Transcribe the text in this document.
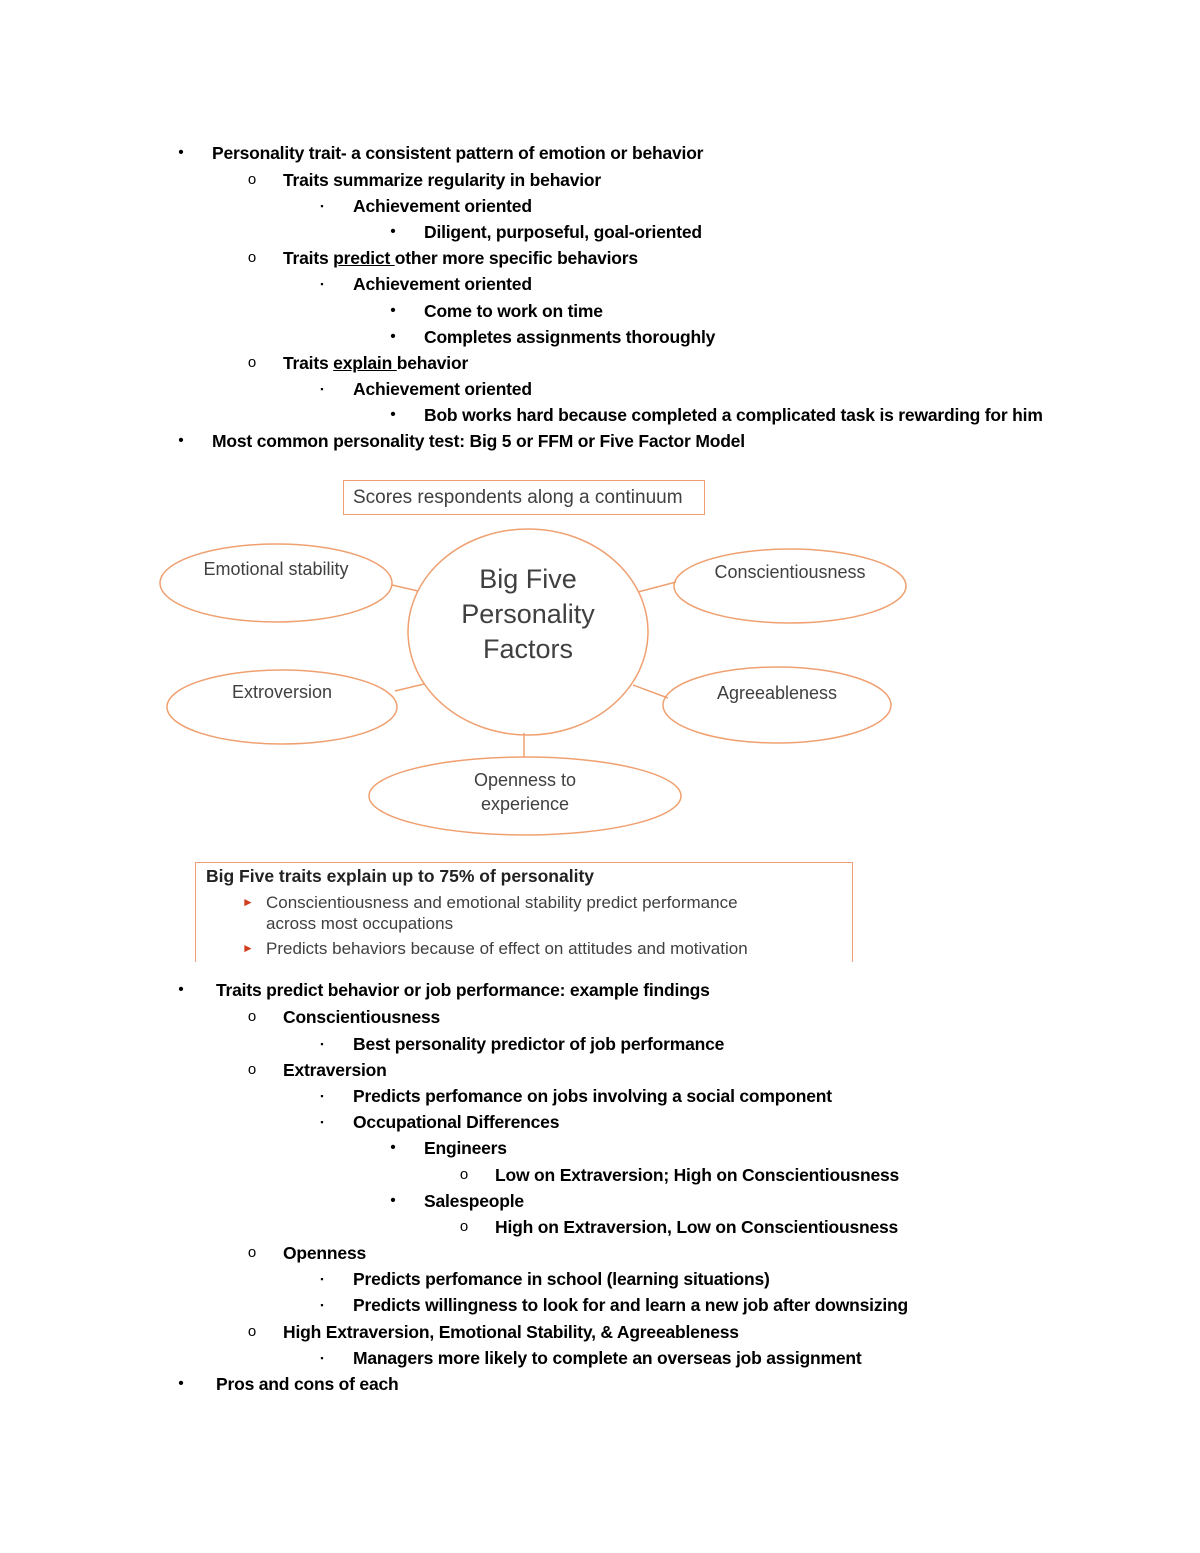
• Personality trait- a consistent pattern of emotion or behavior
o Traits summarize regularity in behavior
▪	Achievement oriented
• Diligent, purposeful, goal-oriented
o Traits predict other more specific behaviors
▪	Achievement oriented
• Come to work on time
• Completes assignments thoroughly
o Traits explain behavior
▪	Achievement oriented
• Bob works hard because completed a complicated task is rewarding for him
• Most common personality test: Big 5 or FFM or Five Factor Model
Scores respondents along a continuum
Big Five
Personality
Factors
Emotional stability	Conscientiousness
Extroversion	Agreeableness
Openness to
experience
Big Five traits explain up to 75% of personality
► Conscientiousness and emotional stability predict performance
across most occupations
► Predicts behaviors because of effect on attitudes and motivation
• Traits predict behavior or job performance: example findings
o Conscientiousness
▪	Best personality predictor of job performance
o Extraversion
▪	Predicts perfomance on jobs involving a social component
▪	Occupational Differences
• Engineers
o Low on Extraversion; High on Conscientiousness
• Salespeople
o High on Extraversion, Low on Conscientiousness
o Openness
▪	Predicts perfomance in school (learning situations)
▪	Predicts willingness to look for and learn a new job after downsizing
o High Extraversion, Emotional Stability, & Agreeableness
▪	Managers more likely to complete an overseas job assignment
• Pros and cons of each
